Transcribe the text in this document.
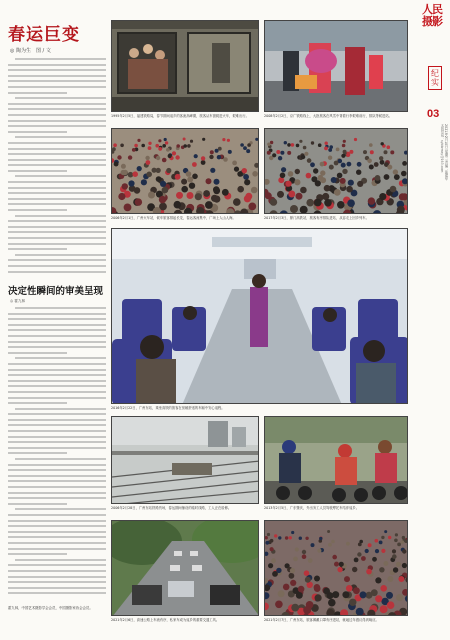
春运巨变
◎ 陶为生　图 / 文
决定性瞬间的审美呈现
◎ 霍九林
霍九林，中国艺术摄影学会会员，中国摄影家协会会员。
1995年2月5日，福建铁路局，春节期间返乡的客流高峰期，旅客从车窗爬进火车，艰难出行。	2008年2月2日，京广铁路线上，大批旅客在风雪中背着行李艰难前行，排队等候进站。
2006年2月1日，广州火车站，候车旅客排起长龙，春运客流集中，广场上人山人海。	2017年2月3日，厦门高铁站，旅客有序排队进站，从容走上回乡列车。
2016年2月22日，广州东站，乘坐高铁的旅客在宽敞舒适的车厢中安心返程。
2006年2月28日，广州东站铁路货场，春运期间铺设的临时线路，工人正在检修。	2013年2月5日，广东肇庆，外出务工人员驾驶摩托车结伴返乡。
2021年2月6日，高速公路上车流有序，私家车成为返乡的重要交通工具。	2021年2月7日，广州东站，旅客佩戴口罩有序进站，就地过年倡议得到响应。
人民
摄影
纪实
03
2021年2月10日 星期三 责编：张建华
本版信箱：sybkrmsy@163.com
